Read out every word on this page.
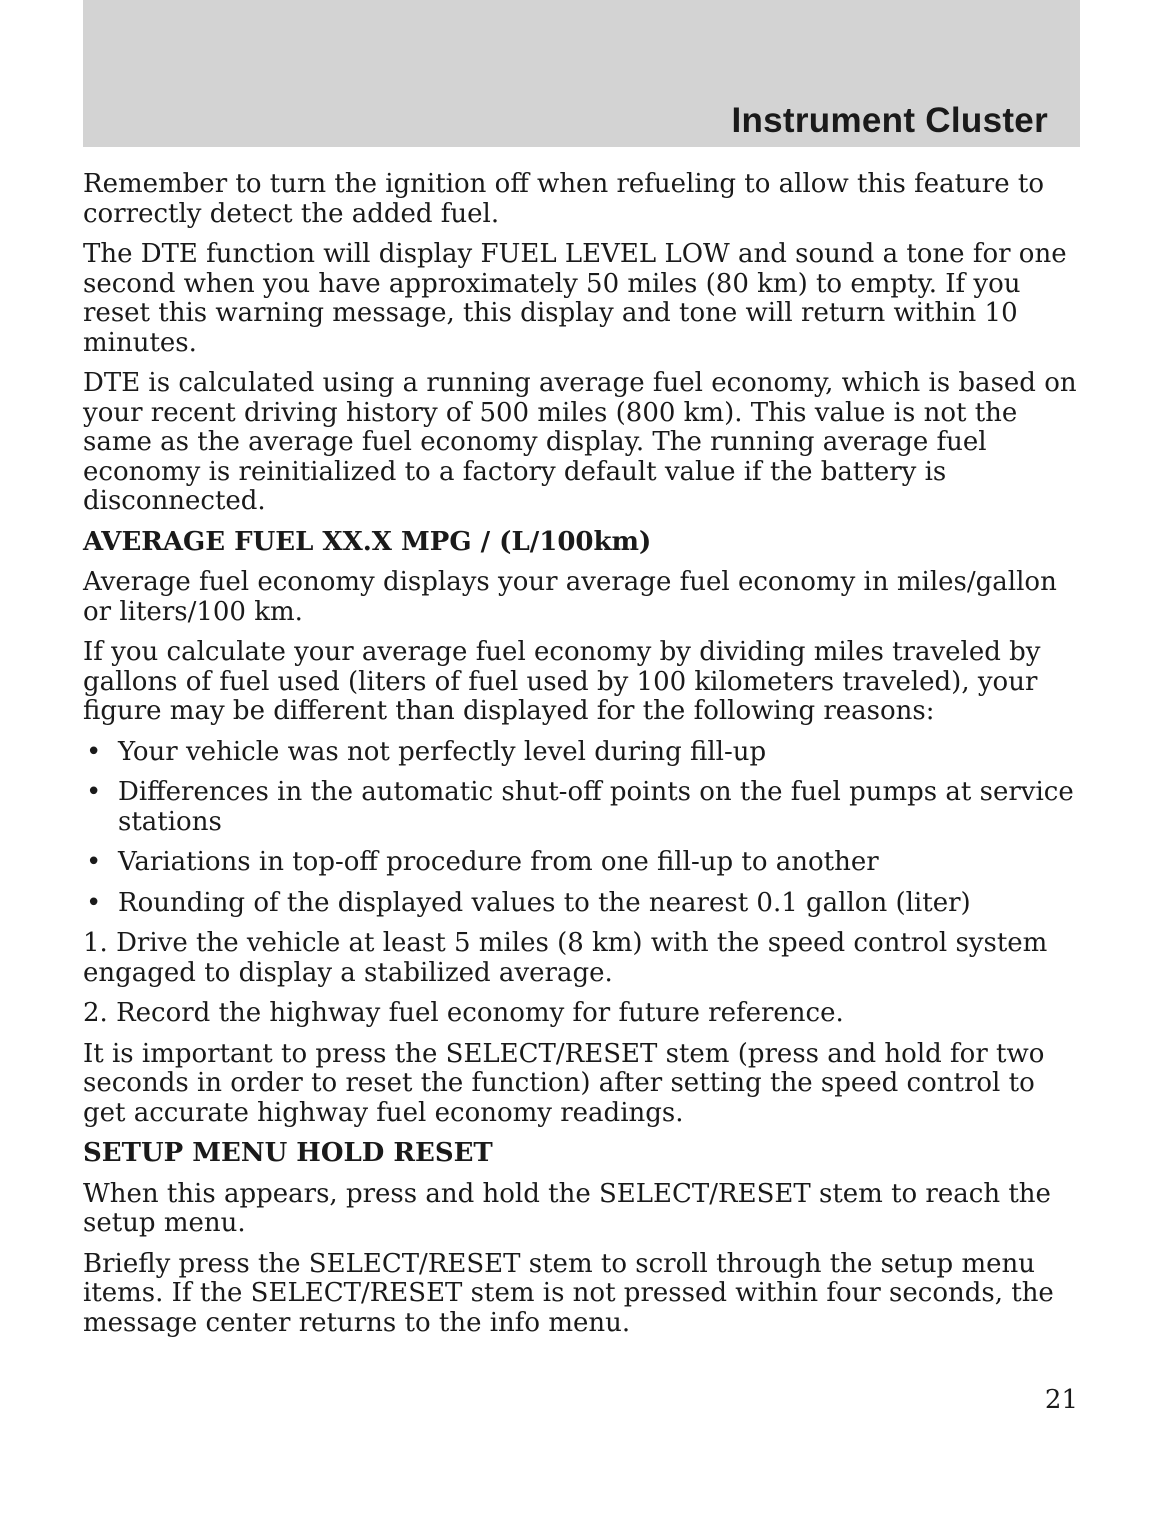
Instrument Cluster

Remember to turn the ignition off when refueling to allow this feature to correctly detect the added fuel.

The DTE function will display FUEL LEVEL LOW and sound a tone for one second when you have approximately 50 miles (80 km) to empty. If you reset this warning message, this display and tone will return within 10 minutes.

DTE is calculated using a running average fuel economy, which is based on your recent driving history of 500 miles (800 km). This value is not the same as the average fuel economy display. The running average fuel economy is reinitialized to a factory default value if the battery is disconnected.

AVERAGE FUEL XX.X MPG / (L/100km)

Average fuel economy displays your average fuel economy in miles/gallon or liters/100 km.

If you calculate your average fuel economy by dividing miles traveled by gallons of fuel used (liters of fuel used by 100 kilometers traveled), your figure may be different than displayed for the following reasons:

• Your vehicle was not perfectly level during fill-up
• Differences in the automatic shut-off points on the fuel pumps at service stations
• Variations in top-off procedure from one fill-up to another
• Rounding of the displayed values to the nearest 0.1 gallon (liter)

1. Drive the vehicle at least 5 miles (8 km) with the speed control system engaged to display a stabilized average.

2. Record the highway fuel economy for future reference.

It is important to press the SELECT/RESET stem (press and hold for two seconds in order to reset the function) after setting the speed control to get accurate highway fuel economy readings.

SETUP MENU HOLD RESET

When this appears, press and hold the SELECT/RESET stem to reach the setup menu.

Briefly press the SELECT/RESET stem to scroll through the setup menu items. If the SELECT/RESET stem is not pressed within four seconds, the message center returns to the info menu.

21
